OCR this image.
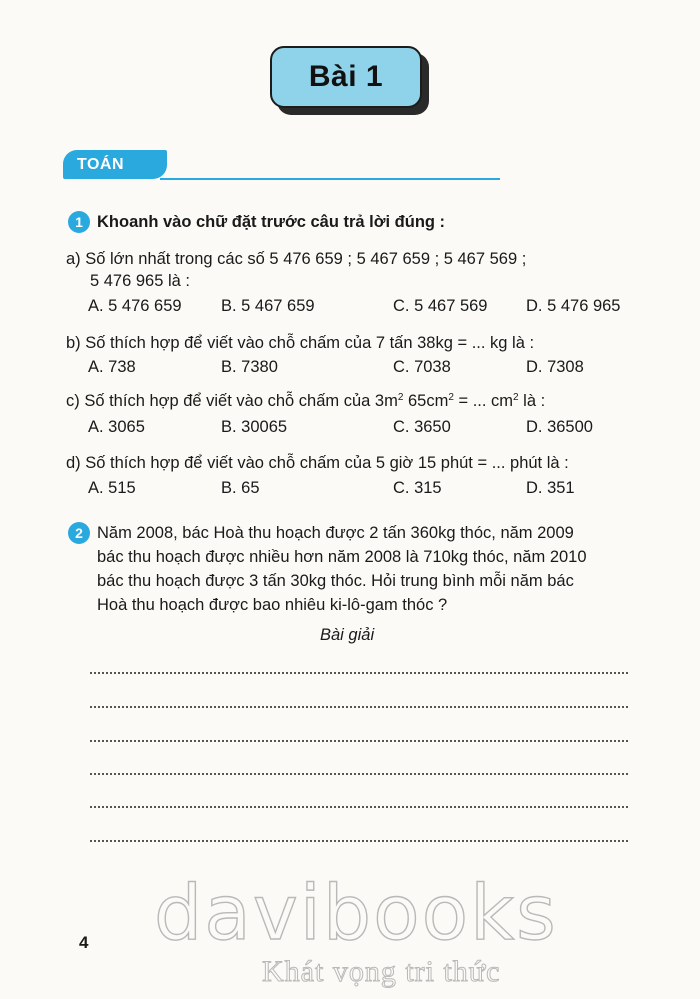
Bài 1
TOÁN
1 Khoanh vào chữ đặt trước câu trả lời đúng :
a) Số lớn nhất trong các số 5 476 659 ; 5 467 659 ; 5 467 569 ;
5 476 965 là :
A. 5 476 659 B. 5 467 659	C. 5 467 569 D. 5 476 965
b) Số thích hợp để viết vào chỗ chấm của 7 tấn 38kg = ... kg là :
A. 738	B. 7380	C. 7038	D. 7308
c) Số thích hợp để viết vào chỗ chấm của $3m^2$ $65cm^2$ = ... $cm^2$ là :
A. 3065	B. 30065	C. 3650	D. 36500
d) Số thích hợp để viết vào chỗ chấm của 5 giờ 15 phút = ... phút là :
A. 515	B. 65	C. 315	D. 351
2 Năm 2008, bác Hoà thu hoạch được 2 tấn 360kg thóc, năm 2009
bác thu hoạch được nhiều hơn năm 2008 là 710kg thóc, năm 2010
bác thu hoạch được 3 tấn 30kg thóc. Hỏi trung bình mỗi năm bác
Hoà thu hoạch được bao nhiêu ki-lô-gam thóc ?
Bài giải
4 davibooks
Khát vọng tri thức
